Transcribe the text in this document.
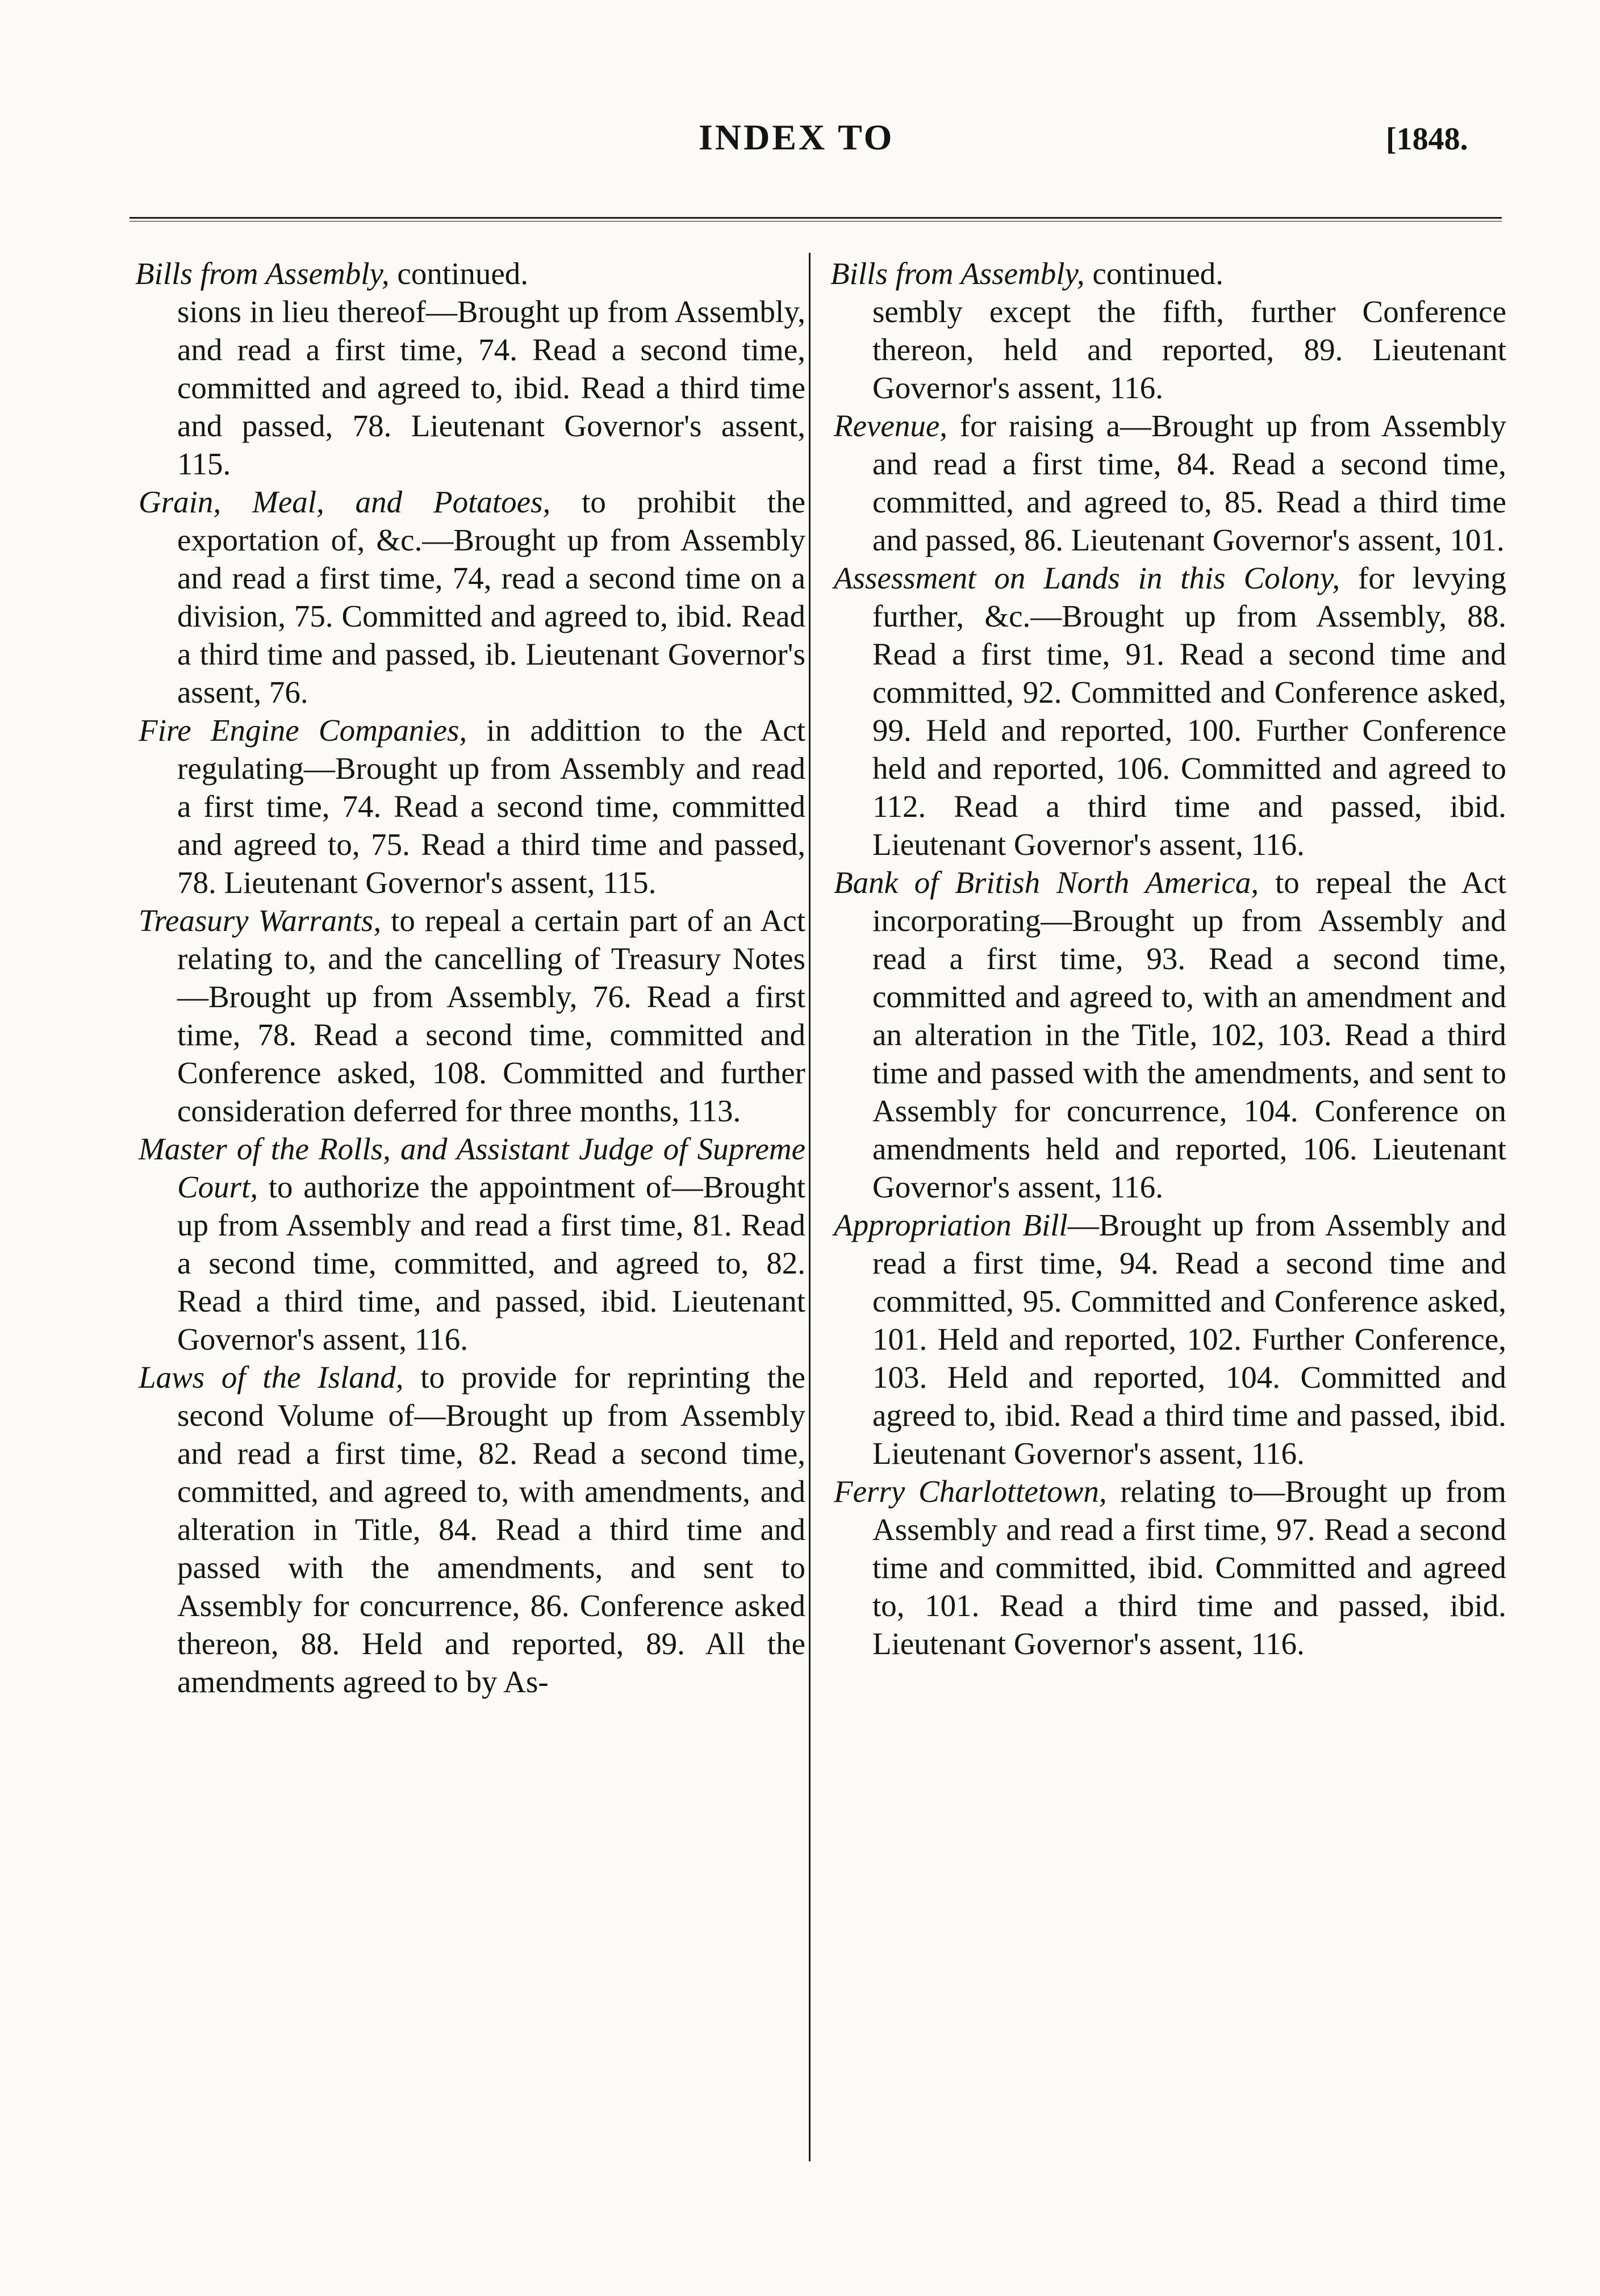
INDEX TO	[1848.

Bills from Assembly, continued.

sions in lieu thereof—Brought up from Assembly, and read a first time, 74. Read a second time, committed and agreed to, ibid. Read a third time and passed, 78. Lieutenant Governor's assent, 115.

Grain, Meal, and Potatoes, to prohibit the exportation of, &c.—Brought up from Assembly and read a first time, 74, read a second time on a division, 75. Committed and agreed to, ibid. Read a third time and passed, ib. Lieutenant Governor's assent, 76.

Fire Engine Companies, in addittion to the Act regulating—Brought up from Assembly and read a first time, 74. Read a second time, committed and agreed to, 75. Read a third time and passed, 78. Lieutenant Governor's assent, 115.

Treasury Warrants, to repeal a certain part of an Act relating to, and the cancelling of Treasury Notes—Brought up from Assembly, 76. Read a first time, 78. Read a second time, committed and Conference asked, 108. Committed and further consideration deferred for three months, 113.

Master of the Rolls, and Assistant Judge of Supreme Court, to authorize the appointment of—Brought up from Assembly and read a first time, 81. Read a second time, committed, and agreed to, 82. Read a third time, and passed, ibid. Lieutenant Governor's assent, 116.

Laws of the Island, to provide for reprinting the second Volume of—Brought up from Assembly and read a first time, 82. Read a second time, committed, and agreed to, with amendments, and alteration in Title, 84. Read a third time and passed with the amendments, and sent to Assembly for concurrence, 86. Conference asked thereon, 88. Held and reported, 89. All the amendments agreed to by As-

Bills from Assembly, continued.

sembly except the fifth, further Conference thereon, held and reported, 89. Lieutenant Governor's assent, 116.

Revenue, for raising a—Brought up from Assembly and read a first time, 84. Read a second time, committed, and agreed to, 85. Read a third time and passed, 86. Lieutenant Governor's assent, 101.

Assessment on Lands in this Colony, for levying further, &c.—Brought up from Assembly, 88. Read a first time, 91. Read a second time and committed, 92. Committed and Conference asked, 99. Held and reported, 100. Further Conference held and reported, 106. Committed and agreed to 112. Read a third time and passed, ibid. Lieutenant Governor's assent, 116.

Bank of British North America, to repeal the Act incorporating—Brought up from Assembly and read a first time, 93. Read a second time, committed and agreed to, with an amendment and an alteration in the Title, 102, 103. Read a third time and passed with the amendments, and sent to Assembly for concurrence, 104. Conference on amendments held and reported, 106. Lieutenant Governor's assent, 116.

Appropriation Bill—Brought up from Assembly and read a first time, 94. Read a second time and committed, 95. Committed and Conference asked, 101. Held and reported, 102. Further Conference, 103. Held and reported, 104. Committed and agreed to, ibid. Read a third time and passed, ibid. Lieutenant Governor's assent, 116.

Ferry Charlottetown, relating to—Brought up from Assembly and read a first time, 97. Read a second time and committed, ibid. Committed and agreed to, 101. Read a third time and passed, ibid. Lieutenant Governor's assent, 116.
